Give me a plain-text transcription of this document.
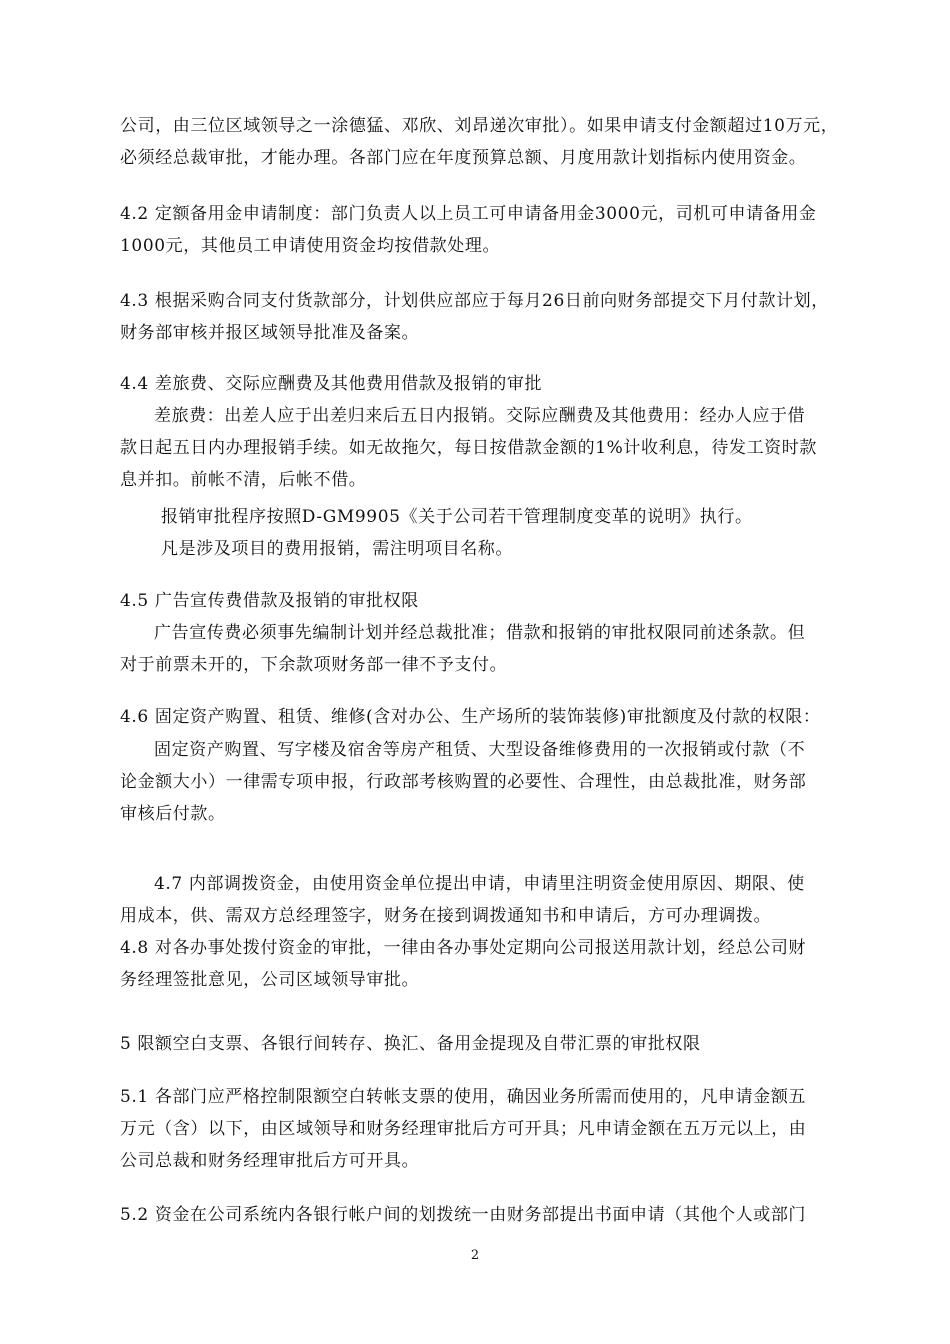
公司，由三位区域领导之一涂德猛、邓欣、刘昂递次审批）。如果申请支付金额超过10万元，
必须经总裁审批，才能办理。各部门应在年度预算总额、月度用款计划指标内使用资金。
4.2 定额备用金申请制度：部门负责人以上员工可申请备用金3000元，司机可申请备用金
1000元，其他员工申请使用资金均按借款处理。
4.3 根据采购合同支付货款部分，计划供应部应于每月26日前向财务部提交下月付款计划，
财务部审核并报区域领导批准及备案。
4.4 差旅费、交际应酬费及其他费用借款及报销的审批
差旅费：出差人应于出差归来后五日内报销。交际应酬费及其他费用：经办人应于借
款日起五日内办理报销手续。如无故拖欠，每日按借款金额的1%计收利息，待发工资时款
息并扣。前帐不清，后帐不借。
报销审批程序按照D-GM9905《关于公司若干管理制度变革的说明》执行。
凡是涉及项目的费用报销，需注明项目名称。
4.5 广告宣传费借款及报销的审批权限
广告宣传费必须事先编制计划并经总裁批准；借款和报销的审批权限同前述条款。但
对于前票未开的，下余款项财务部一律不予支付。
4.6 固定资产购置、租赁、维修(含对办公、生产场所的装饰装修)审批额度及付款的权限：
固定资产购置、写字楼及宿舍等房产租赁、大型设备维修费用的一次报销或付款（不
论金额大小）一律需专项申报，行政部考核购置的必要性、合理性，由总裁批准，财务部
审核后付款。
4.7 内部调拨资金，由使用资金单位提出申请，申请里注明资金使用原因、期限、使
用成本，供、需双方总经理签字，财务在接到调拨通知书和申请后，方可办理调拨。
4.8 对各办事处拨付资金的审批，一律由各办事处定期向公司报送用款计划，经总公司财
务经理签批意见，公司区域领导审批。
5 限额空白支票、各银行间转存、换汇、备用金提现及自带汇票的审批权限
5.1 各部门应严格控制限额空白转帐支票的使用，确因业务所需而使用的，凡申请金额五
万元（含）以下，由区域领导和财务经理审批后方可开具；凡申请金额在五万元以上，由
公司总裁和财务经理审批后方可开具。
5.2 资金在公司系统内各银行帐户间的划拨统一由财务部提出书面申请（其他个人或部门
2
